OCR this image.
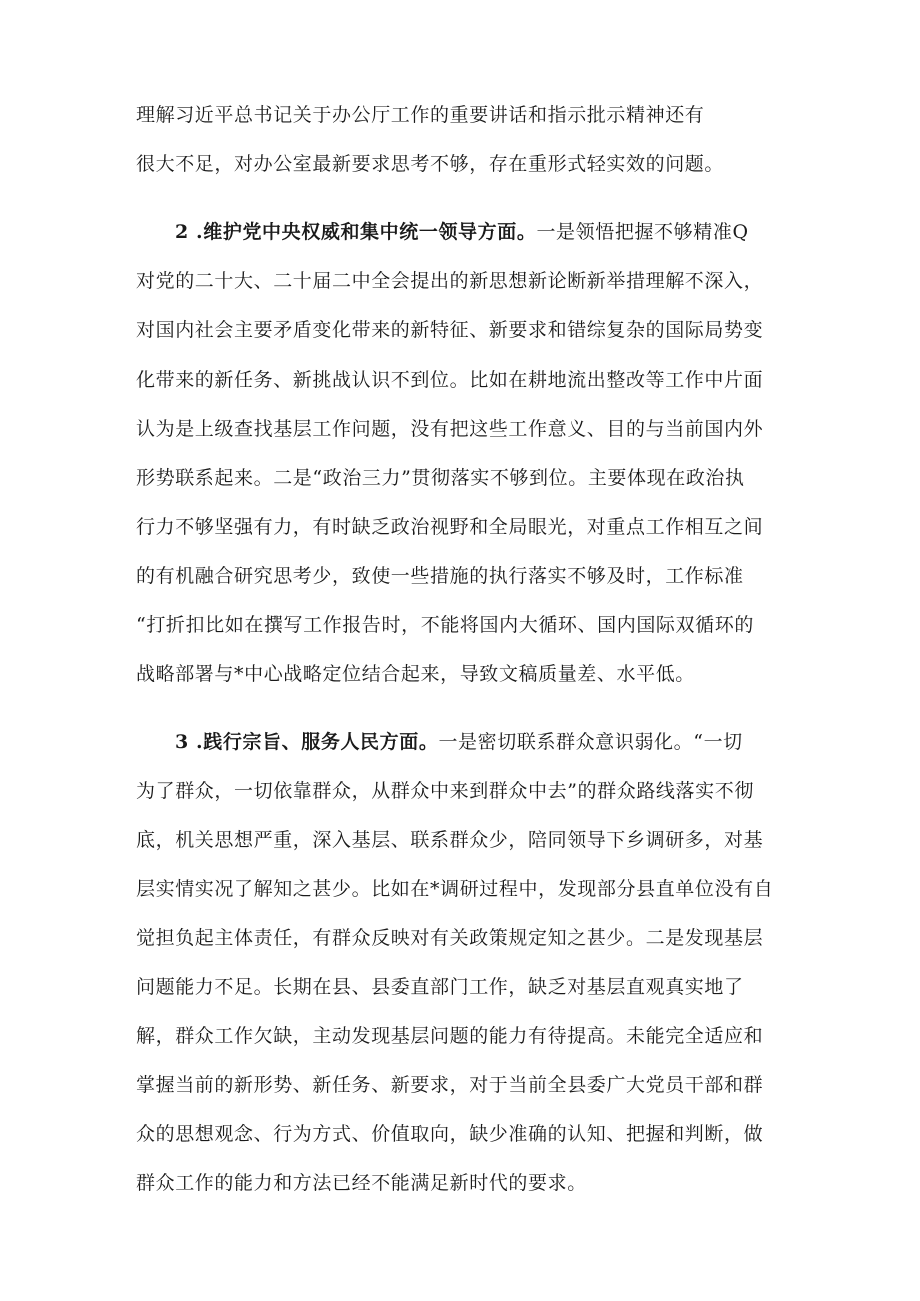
理解习近平总书记关于办公厅工作的重要讲话和指示批示精神还有
很大不足，对办公室最新要求思考不够，存在重形式轻实效的问题。
2 .维护党中央权威和集中统一领导方面。一是领悟把握不够精准Q
对党的二十大、二十届二中全会提出的新思想新论断新举措理解不深入，
对国内社会主要矛盾变化带来的新特征、新要求和错综复杂的国际局势变
化带来的新任务、新挑战认识不到位。比如在耕地流出整改等工作中片面
认为是上级查找基层工作问题，没有把这些工作意义、目的与当前国内外
形势联系起来。二是“政治三力”贯彻落实不够到位。主要体现在政治执
行力不够坚强有力，有时缺乏政治视野和全局眼光，对重点工作相互之间
的有机融合研究思考少，致使一些措施的执行落实不够及时，工作标准
“打折扣比如在撰写工作报告时，不能将国内大循环、国内国际双循环的
战略部署与*中心战略定位结合起来，导致文稿质量差、水平低。
3 .践行宗旨、服务人民方面。一是密切联系群众意识弱化。“一切
为了群众，一切依靠群众，从群众中来到群众中去”的群众路线落实不彻
底，机关思想严重，深入基层、联系群众少，陪同领导下乡调研多，对基
层实情实况了解知之甚少。比如在*调研过程中，发现部分县直单位没有自
觉担负起主体责任，有群众反映对有关政策规定知之甚少。二是发现基层
问题能力不足。长期在县、县委直部门工作，缺乏对基层直观真实地了
解，群众工作欠缺，主动发现基层问题的能力有待提高。未能完全适应和
掌握当前的新形势、新任务、新要求，对于当前全县委广大党员干部和群
众的思想观念、行为方式、价值取向，缺少准确的认知、把握和判断，做
群众工作的能力和方法已经不能满足新时代的要求。
